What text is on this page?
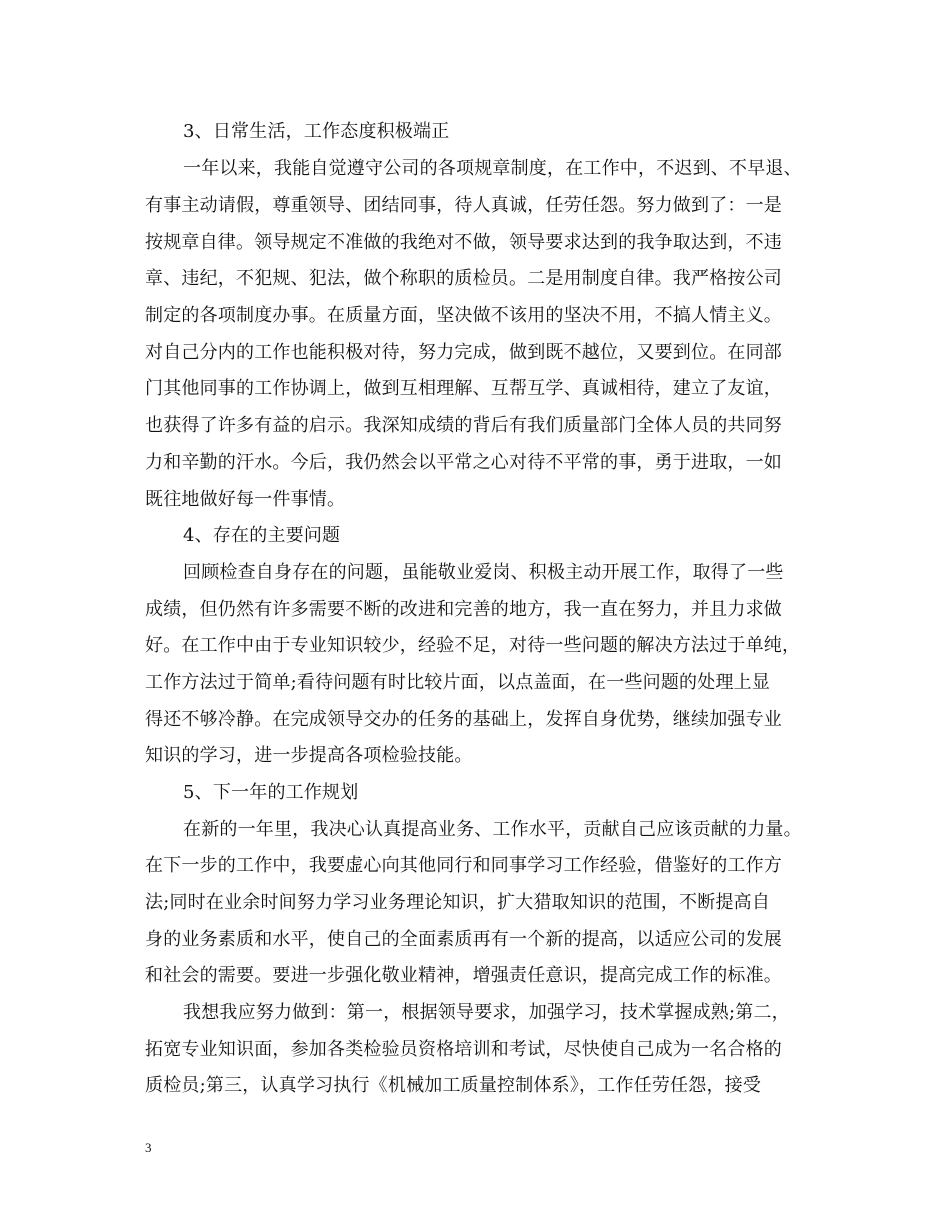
3、日常生活，工作态度积极端正
一年以来，我能自觉遵守公司的各项规章制度，在工作中，不迟到、不早退、
有事主动请假，尊重领导、团结同事，待人真诚，任劳任怨。努力做到了：一是
按规章自律。领导规定不准做的我绝对不做，领导要求达到的我争取达到，不违
章、违纪，不犯规、犯法，做个称职的质检员。二是用制度自律。我严格按公司
制定的各项制度办事。在质量方面，坚决做不该用的坚决不用，不搞人情主义。
对自己分内的工作也能积极对待，努力完成，做到既不越位，又要到位。在同部
门其他同事的工作协调上，做到互相理解、互帮互学、真诚相待，建立了友谊，
也获得了许多有益的启示。我深知成绩的背后有我们质量部门全体人员的共同努
力和辛勤的汗水。今后，我仍然会以平常之心对待不平常的事，勇于进取，一如
既往地做好每一件事情。
4、存在的主要问题
回顾检查自身存在的问题，虽能敬业爱岗、积极主动开展工作，取得了一些
成绩，但仍然有许多需要不断的改进和完善的地方，我一直在努力，并且力求做
好。在工作中由于专业知识较少，经验不足，对待一些问题的解决方法过于单纯，
工作方法过于简单;看待问题有时比较片面，以点盖面，在一些问题的处理上显
得还不够冷静。在完成领导交办的任务的基础上，发挥自身优势，继续加强专业
知识的学习，进一步提高各项检验技能。
5、下一年的工作规划
在新的一年里，我决心认真提高业务、工作水平，贡献自己应该贡献的力量。
在下一步的工作中，我要虚心向其他同行和同事学习工作经验，借鉴好的工作方
法;同时在业余时间努力学习业务理论知识，扩大猎取知识的范围，不断提高自
身的业务素质和水平，使自己的全面素质再有一个新的提高，以适应公司的发展
和社会的需要。要进一步强化敬业精神，增强责任意识，提高完成工作的标准。
我想我应努力做到：第一，根据领导要求，加强学习，技术掌握成熟;第二，
拓宽专业知识面，参加各类检验员资格培训和考试，尽快使自己成为一名合格的
质检员;第三，认真学习执行《机械加工质量控制体系》，工作任劳任怨，接受
3
